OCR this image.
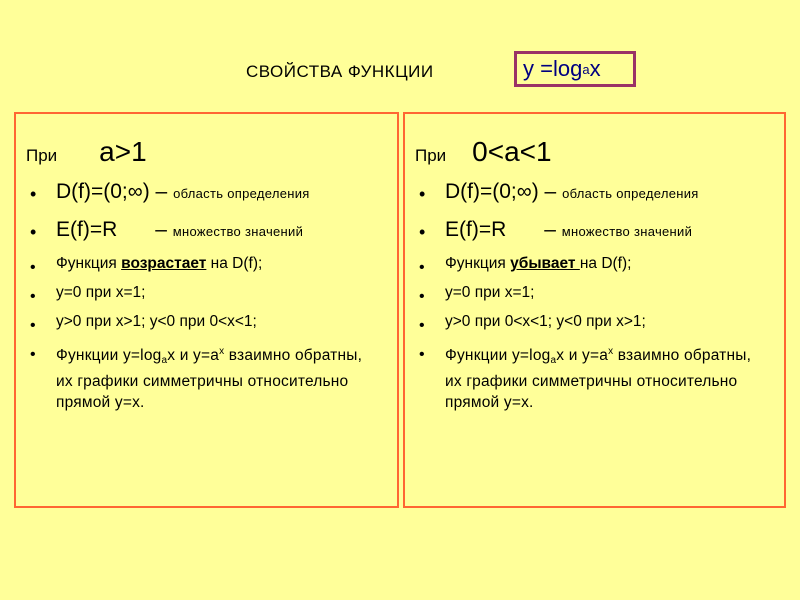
СВОЙСТВА ФУНКЦИИ	y =log a x
При a>1
• D(f)=(0;∞) – область определения
• E(f)=R – множество значений
• Функция возрастает на D(f);
• y=0 при x=1;
• y>0 при x>1; y<0 при 0<x<1;
• Функции $y=\log_ax$ и $y=a^x$ взаимно обратны, их графики симметричны относительно прямой y=x.
При 0<a<1
• D(f)=(0;∞) – область определения
• E(f)=R – множество значений
• Функция убывает на D(f);
• y=0 при x=1;
• y>0 при 0<x<1; y<0 при x>1;
• Функции $y=\log_ax$ и $y=a^x$ взаимно обратны, их графики симметричны относительно прямой y=x.
